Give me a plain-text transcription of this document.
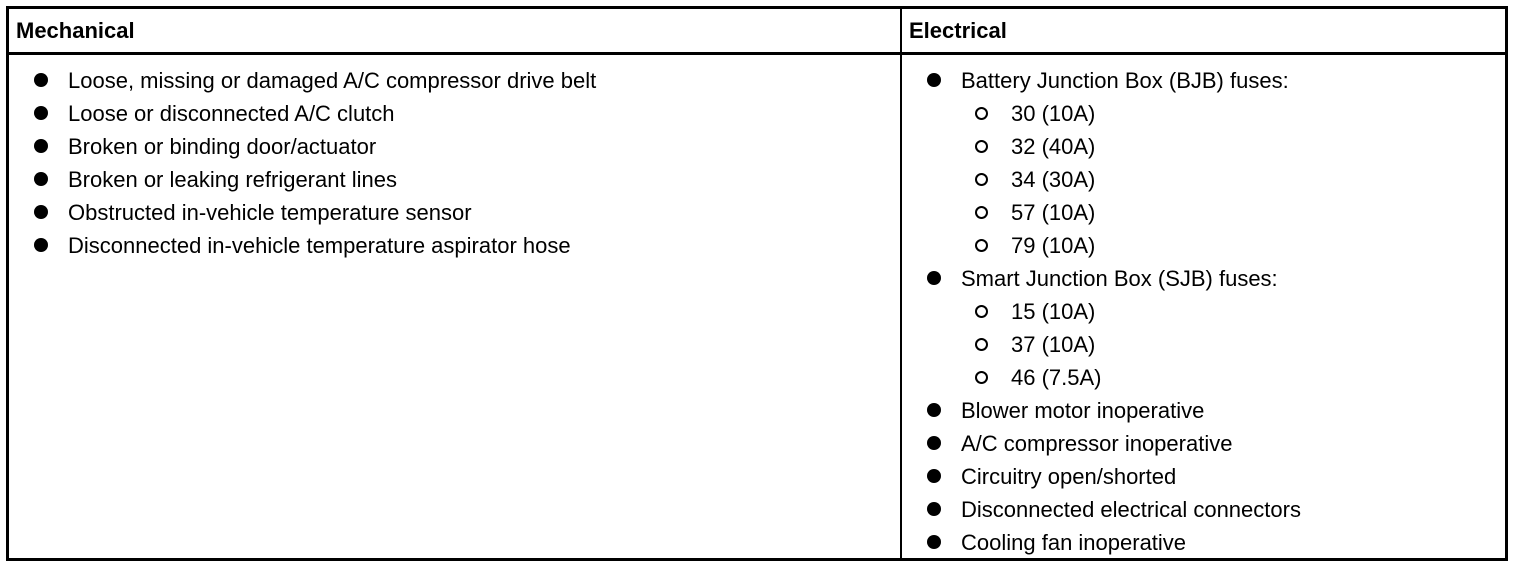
Mechanical	Electrical
Loose, missing or damaged A/C compressor drive belt
Loose or disconnected A/C clutch
Broken or binding door/actuator
Broken or leaking refrigerant lines
Obstructed in-vehicle temperature sensor
Disconnected in-vehicle temperature aspirator hose
Battery Junction Box (BJB) fuses:
30 (10A)
32 (40A)
34 (30A)
57 (10A)
79 (10A)
Smart Junction Box (SJB) fuses:
15 (10A)
37 (10A)
46 (7.5A)
Blower motor inoperative
A/C compressor inoperative
Circuitry open/shorted
Disconnected electrical connectors
Cooling fan inoperative
